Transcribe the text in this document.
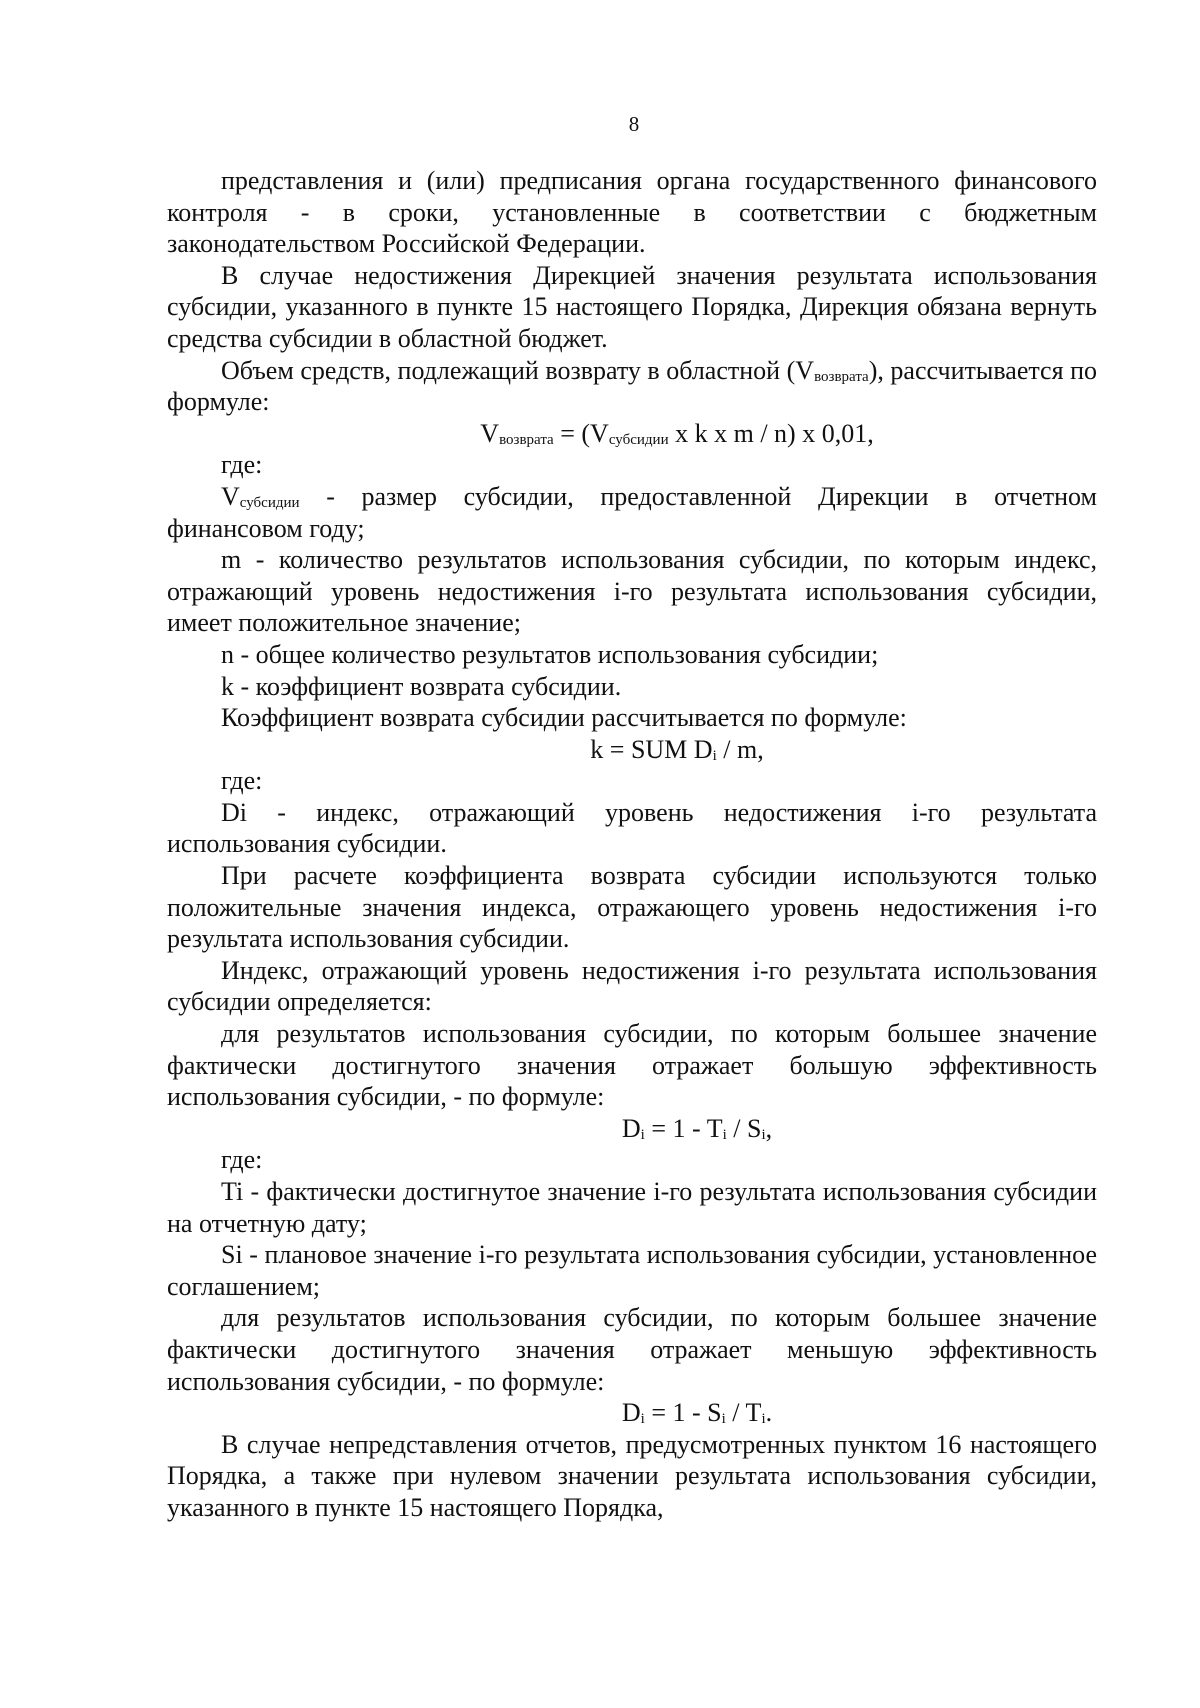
8

представления и (или) предписания органа государственного финансового контроля - в сроки, установленные в соответствии с бюджетным законодательством Российской Федерации.

В случае недостижения Дирекцией значения результата использования субсидии, указанного в пункте 15 настоящего Порядка, Дирекция обязана вернуть средства субсидии в областной бюджет.

Объем средств, подлежащий возврату в областной $(V_{возврата})$, рассчитывается по формуле:

$V_{возврата} = (V_{субсидии}$ x k x m / n) x 0,01,

где:

$V_{субсидии}$ - размер субсидии, предоставленной Дирекции в отчетном финансовом году;

m - количество результатов использования субсидии, по которым индекс, отражающий уровень недостижения i-го результата использования субсидии, имеет положительное значение;

n - общее количество результатов использования субсидии;

k - коэффициент возврата субсидии.

Коэффициент возврата субсидии рассчитывается по формуле:

k = SUM $D_i$ / m,

где:

Di - индекс, отражающий уровень недостижения i-го результата использования субсидии.

При расчете коэффициента возврата субсидии используются только положительные значения индекса, отражающего уровень недостижения i-го результата использования субсидии.

Индекс, отражающий уровень недостижения i-го результата использования субсидии определяется:

для результатов использования субсидии, по которым большее значение фактически достигнутого значения отражает большую эффективность использования субсидии, - по формуле:

$D_i = 1 - T_i / S_i$,

где:

Ti - фактически достигнутое значение i-го результата использования субсидии на отчетную дату;

Si - плановое значение i-го результата использования субсидии, установленное соглашением;

для результатов использования субсидии, по которым большее значение фактически достигнутого значения отражает меньшую эффективность использования субсидии, - по формуле:

$D_i = 1 - S_i / T_i$.

В случае непредставления отчетов, предусмотренных пунктом 16 настоящего Порядка, а также при нулевом значении результата использования субсидии, указанного в пункте 15 настоящего Порядка,
